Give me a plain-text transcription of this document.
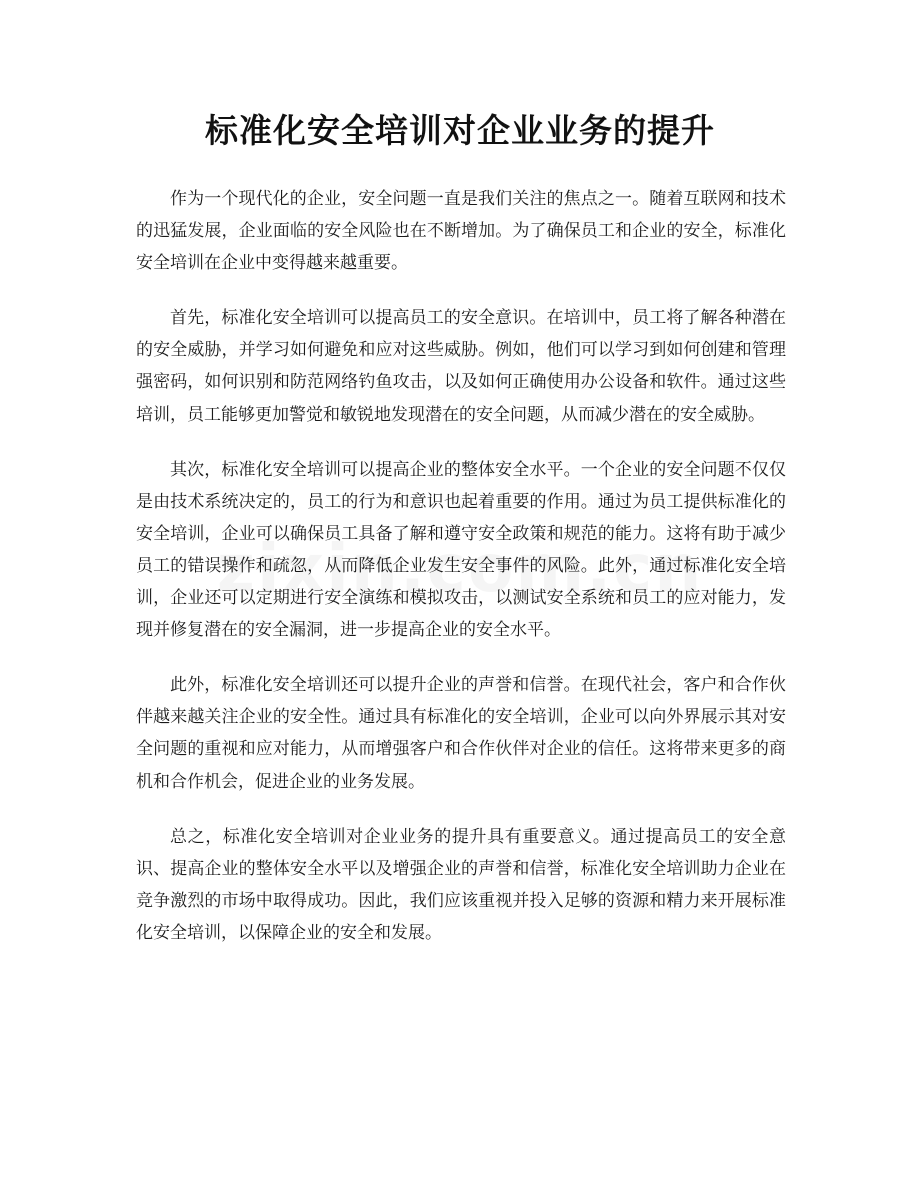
标准化安全培训对企业业务的提升

作为一个现代化的企业，安全问题一直是我们关注的焦点之一。随着互联网和技术的迅猛发展，企业面临的安全风险也在不断增加。为了确保员工和企业的安全，标准化安全培训在企业中变得越来越重要。

首先，标准化安全培训可以提高员工的安全意识。在培训中，员工将了解各种潜在的安全威胁，并学习如何避免和应对这些威胁。例如，他们可以学习到如何创建和管理强密码，如何识别和防范网络钓鱼攻击，以及如何正确使用办公设备和软件。通过这些培训，员工能够更加警觉和敏锐地发现潜在的安全问题，从而减少潜在的安全威胁。

其次，标准化安全培训可以提高企业的整体安全水平。一个企业的安全问题不仅仅是由技术系统决定的，员工的行为和意识也起着重要的作用。通过为员工提供标准化的安全培训，企业可以确保员工具备了解和遵守安全政策和规范的能力。这将有助于减少员工的错误操作和疏忽，从而降低企业发生安全事件的风险。此外，通过标准化安全培训，企业还可以定期进行安全演练和模拟攻击，以测试安全系统和员工的应对能力，发现并修复潜在的安全漏洞，进一步提高企业的安全水平。

此外，标准化安全培训还可以提升企业的声誉和信誉。在现代社会，客户和合作伙伴越来越关注企业的安全性。通过具有标准化的安全培训，企业可以向外界展示其对安全问题的重视和应对能力，从而增强客户和合作伙伴对企业的信任。这将带来更多的商机和合作机会，促进企业的业务发展。

总之，标准化安全培训对企业业务的提升具有重要意义。通过提高员工的安全意识、提高企业的整体安全水平以及增强企业的声誉和信誉，标准化安全培训助力企业在竞争激烈的市场中取得成功。因此，我们应该重视并投入足够的资源和精力来开展标准化安全培训，以保障企业的安全和发展。
